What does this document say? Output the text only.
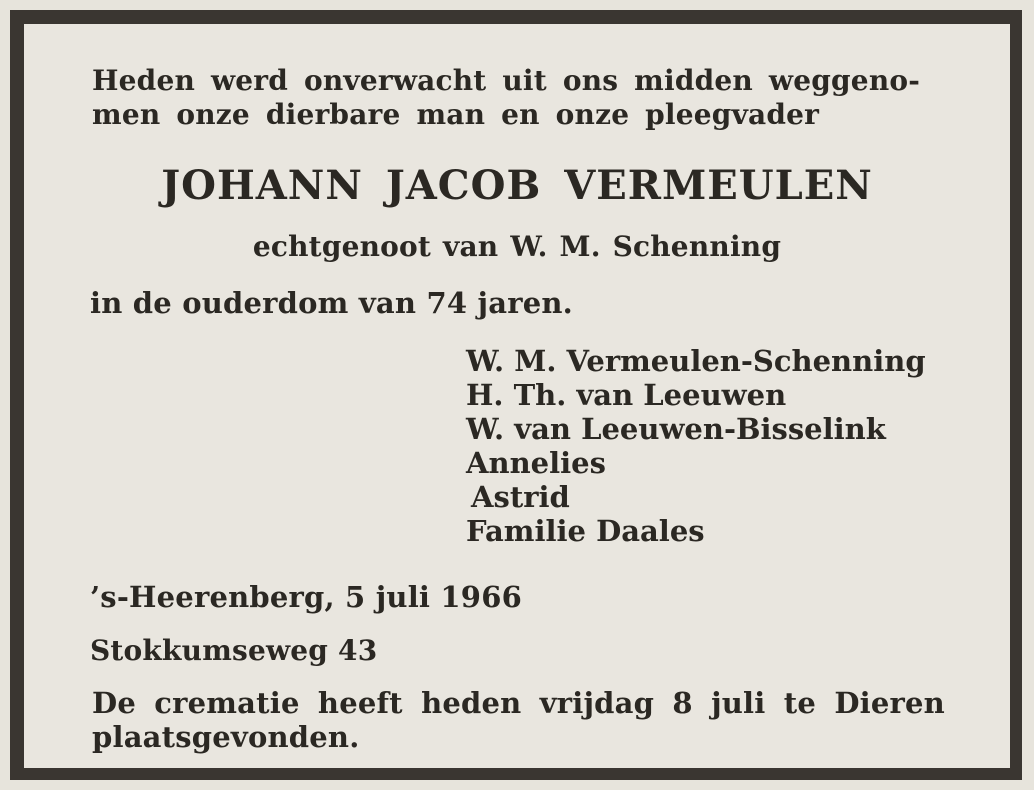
Heden werd onverwacht uit ons midden weggeno-
men onze dierbare man en onze pleegvader
JOHANN JACOB VERMEULEN
echtgenoot van W. M. Schenning
in de ouderdom van 74 jaren.
W. M. Vermeulen-Schenning
H. Th. van Leeuwen
W. van Leeuwen-Bisselink
Annelies
Astrid
Familie Daales
’s-Heerenberg, 5 juli 1966
Stokkumseweg 43
De crematie heeft heden vrijdag 8 juli te Dieren
plaatsgevonden.
